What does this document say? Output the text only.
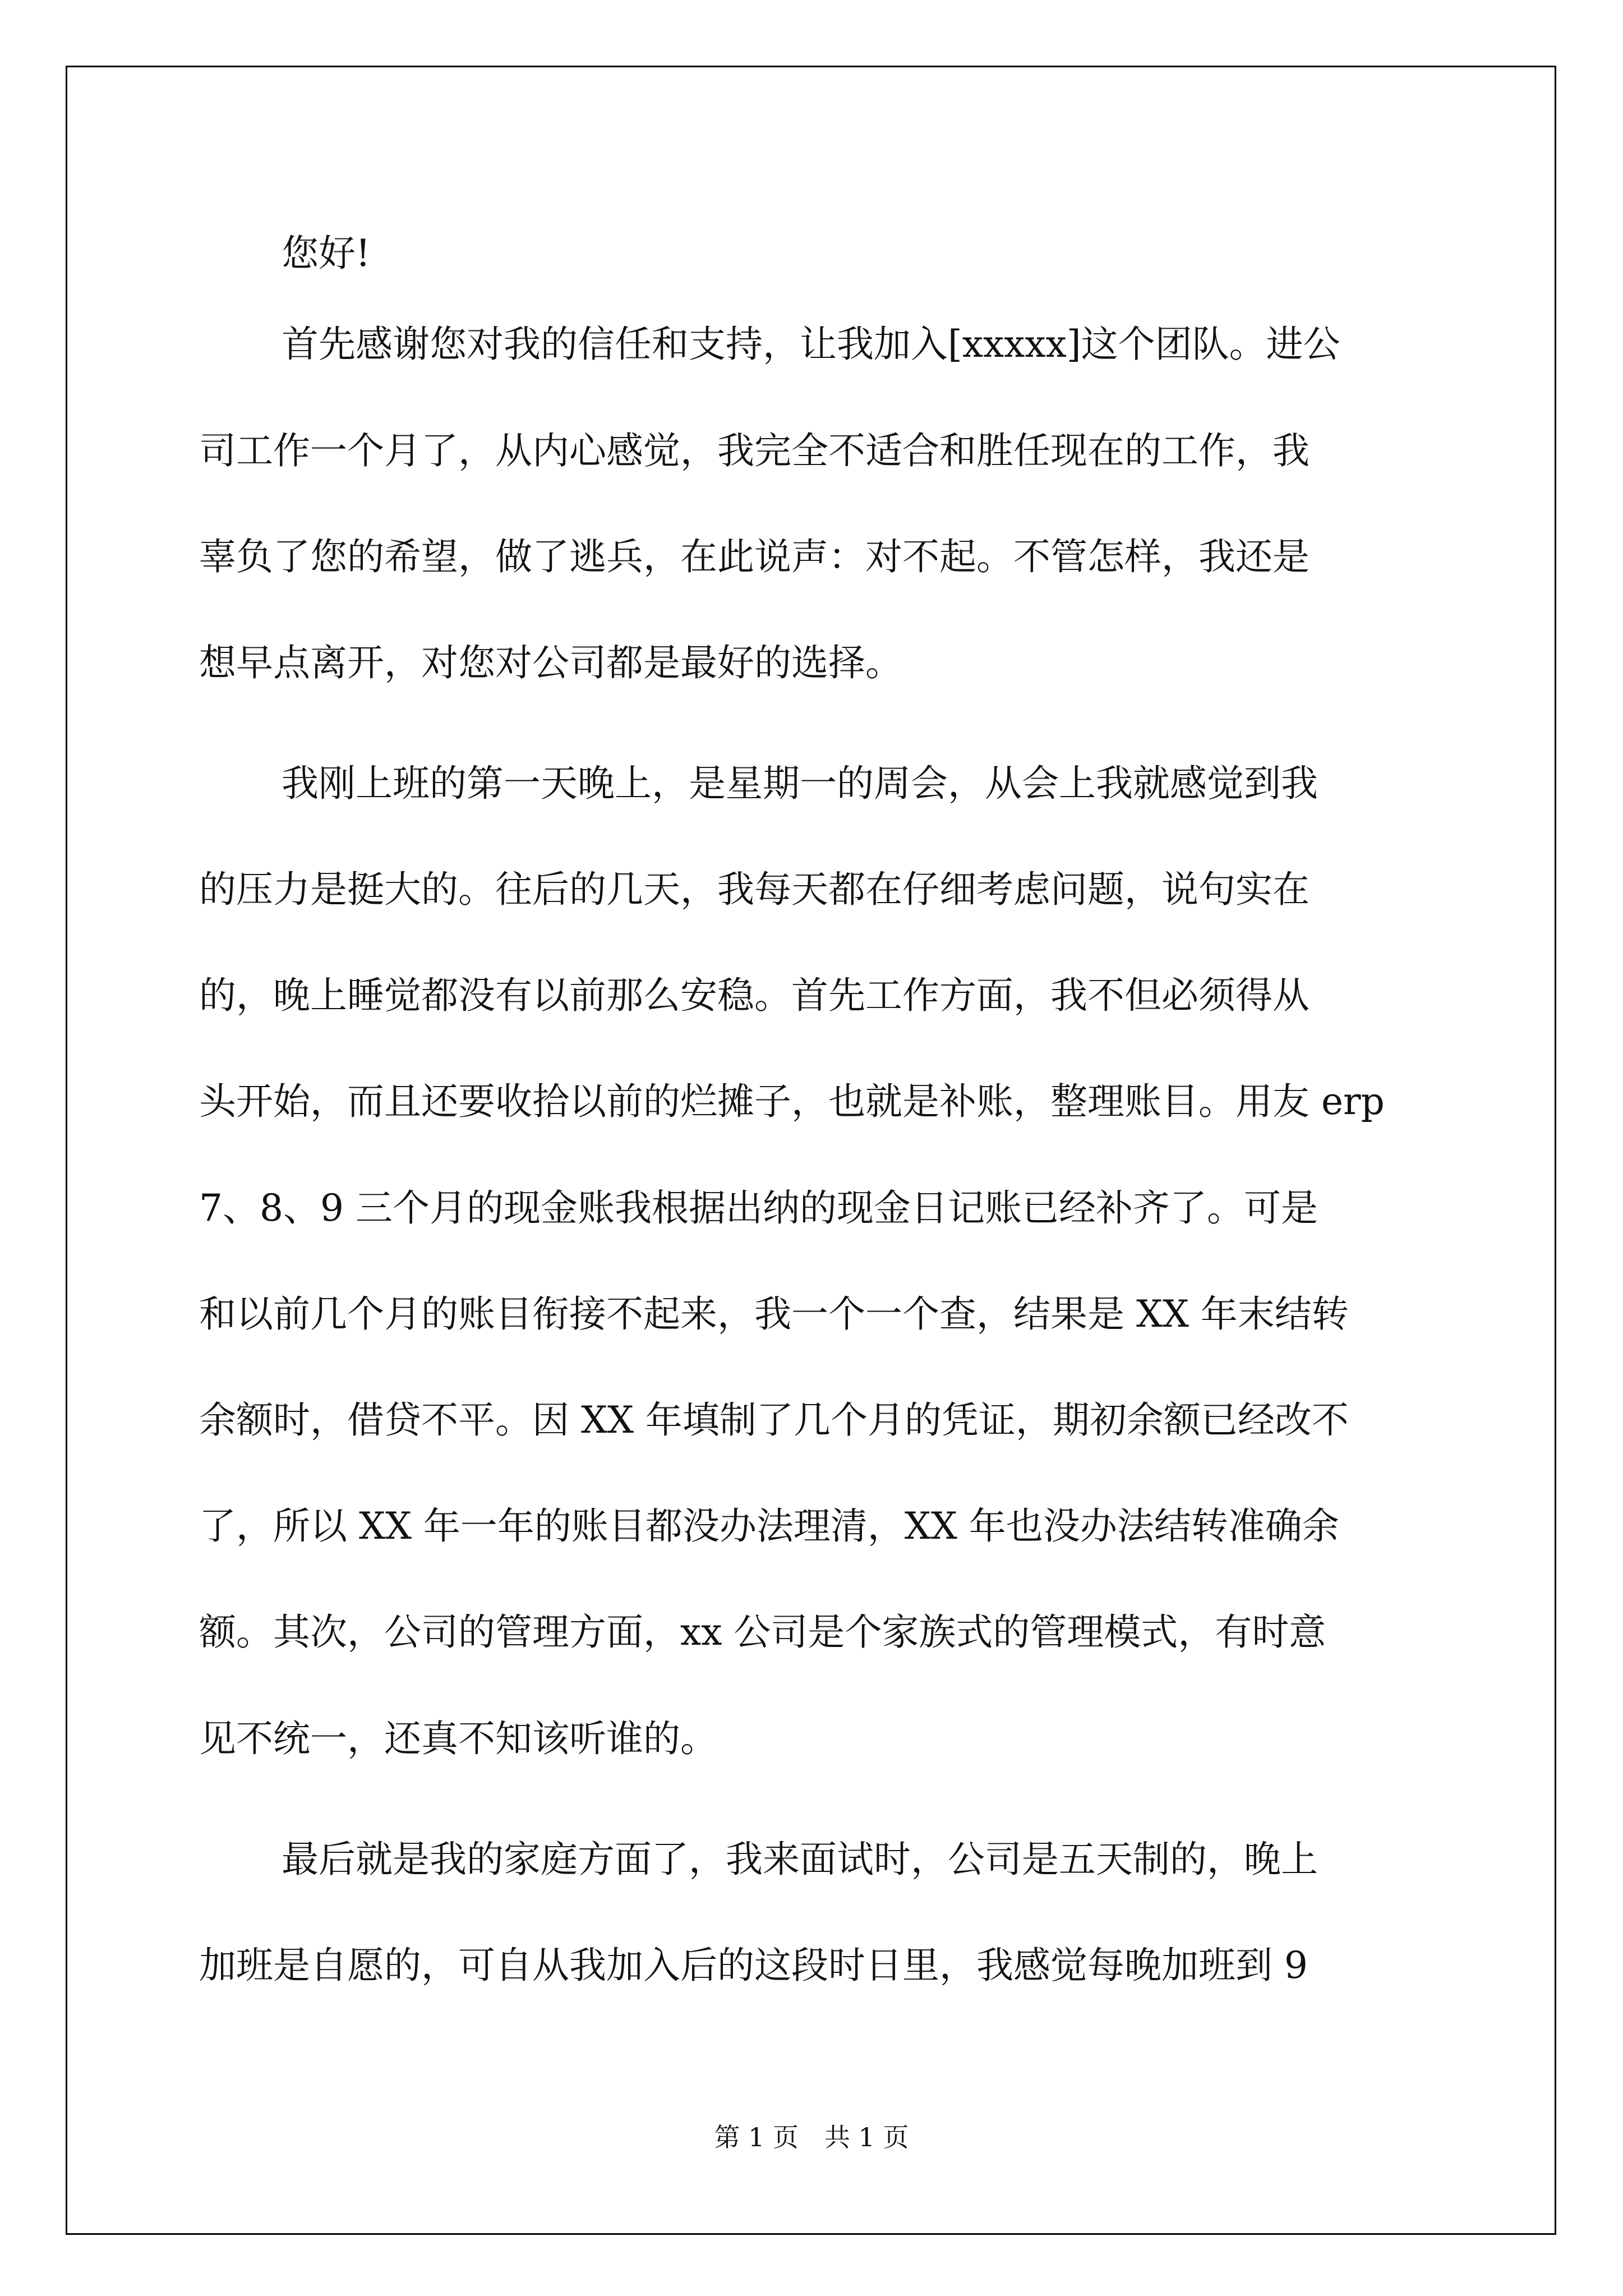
您好!

首先感谢您对我的信任和支持，让我加入[xxxxx]这个团队。进公

司工作一个月了，从内心感觉，我完全不适合和胜任现在的工作，我

辜负了您的希望，做了逃兵，在此说声：对不起。不管怎样，我还是

想早点离开，对您对公司都是最好的选择。

我刚上班的第一天晚上，是星期一的周会，从会上我就感觉到我

的压力是挺大的。往后的几天，我每天都在仔细考虑问题，说句实在

的，晚上睡觉都没有以前那么安稳。首先工作方面，我不但必须得从

头开始，而且还要收拾以前的烂摊子，也就是补账，整理账目。用友 erp

7、8、9 三个月的现金账我根据出纳的现金日记账已经补齐了。可是

和以前几个月的账目衔接不起来，我一个一个查，结果是 XX 年末结转

余额时，借贷不平。因 XX 年填制了几个月的凭证，期初余额已经改不

了，所以 XX 年一年的账目都没办法理清，XX 年也没办法结转准确余

额。其次，公司的管理方面，xx 公司是个家族式的管理模式，有时意

见不统一，还真不知该听谁的。

最后就是我的家庭方面了，我来面试时，公司是五天制的，晚上

加班是自愿的，可自从我加入后的这段时日里，我感觉每晚加班到 9

第 1 页　共 1 页
